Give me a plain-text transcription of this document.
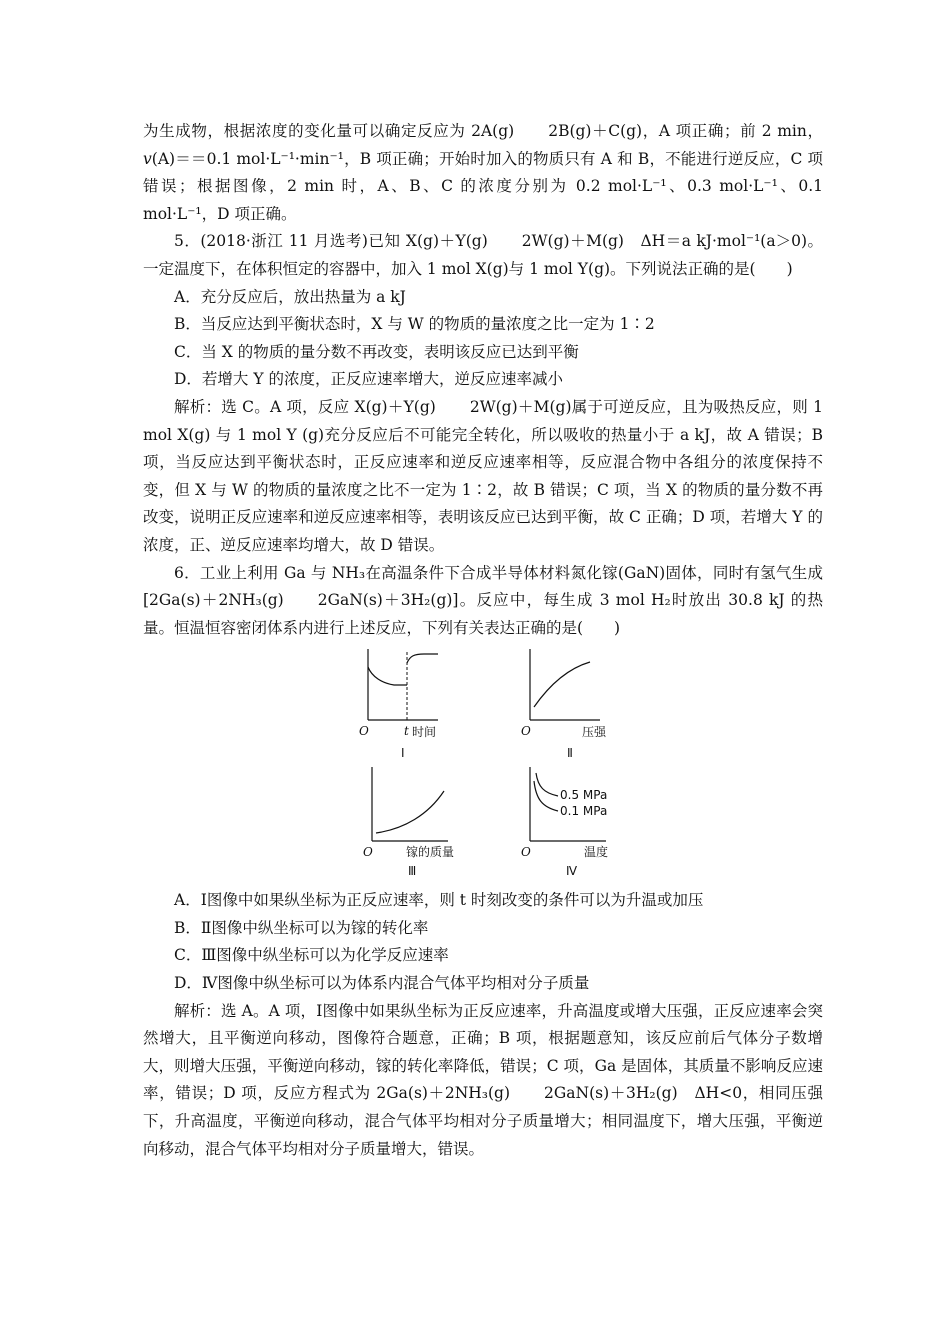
为生成物，根据浓度的变化量可以确定反应为 2A(g) 2B(g)＋C(g)，A 项正确；前 2 min，v(A)＝＝0.1 mol·L⁻¹·min⁻¹，B 项正确；开始时加入的物质只有 A 和 B，不能进行逆反应，C 项错误；根据图像，2 min 时，A、B、C 的浓度分别为 0.2 mol·L⁻¹、0.3 mol·L⁻¹、0.1 mol·L⁻¹，D 项正确。

5．(2018·浙江 11 月选考)已知 X(g)＋Y(g) 2W(g)＋M(g)　ΔH＝a kJ·mol⁻¹(a＞0)。一定温度下，在体积恒定的容器中，加入 1 mol X(g)与 1 mol Y(g)。下列说法正确的是(　　)

A．充分反应后，放出热量为 a kJ

B．当反应达到平衡状态时，X 与 W 的物质的量浓度之比一定为 1∶2

C．当 X 的物质的量分数不再改变，表明该反应已达到平衡

D．若增大 Y 的浓度，正反应速率增大，逆反应速率减小

解析：选 C。A 项，反应 X(g)＋Y(g) 2W(g)＋M(g)属于可逆反应，且为吸热反应，则 1 mol X(g) 与 1 mol Y (g)充分反应后不可能完全转化，所以吸收的热量小于 a kJ，故 A 错误；B 项，当反应达到平衡状态时，正反应速率和逆反应速率相等，反应混合物中各组分的浓度保持不变，但 X 与 W 的物质的量浓度之比不一定为 1∶2，故 B 错误；C 项，当 X 的物质的量分数不再改变，说明正反应速率和逆反应速率相等，表明该反应已达到平衡，故 C 正确；D 项，若增大 Y 的浓度，正、逆反应速率均增大，故 D 错误。

6．工业上利用 Ga 与 NH₃在高温条件下合成半导体材料氮化镓(GaN)固体，同时有氢气生成[2Ga(s)＋2NH₃(g) 2GaN(s)＋3H₂(g)]。反应中，每生成 3 mol H₂时放出 30.8 kJ 的热量。恒温恒容密闭体系内进行上述反应，下列有关表达正确的是(　　)

O	t 时间
Ⅰ
O	压强
Ⅱ
O	镓的质量
Ⅲ
0.5 MPa
0.1 MPa
O	温度
Ⅳ

A．Ⅰ图像中如果纵坐标为正反应速率，则 t 时刻改变的条件可以为升温或加压

B．Ⅱ图像中纵坐标可以为镓的转化率

C．Ⅲ图像中纵坐标可以为化学反应速率

D．Ⅳ图像中纵坐标可以为体系内混合气体平均相对分子质量

解析：选 A。A 项，Ⅰ图像中如果纵坐标为正反应速率，升高温度或增大压强，正反应速率会突然增大，且平衡逆向移动，图像符合题意，正确；B 项，根据题意知，该反应前后气体分子数增大，则增大压强，平衡逆向移动，镓的转化率降低，错误；C 项，Ga 是固体，其质量不影响反应速率，错误；D 项，反应方程式为 2Ga(s)＋2NH₃(g) 2GaN(s)＋3H₂(g)　ΔH<0，相同压强下，升高温度，平衡逆向移动，混合气体平均相对分子质量增大；相同温度下，增大压强，平衡逆向移动，混合气体平均相对分子质量增大，错误。
